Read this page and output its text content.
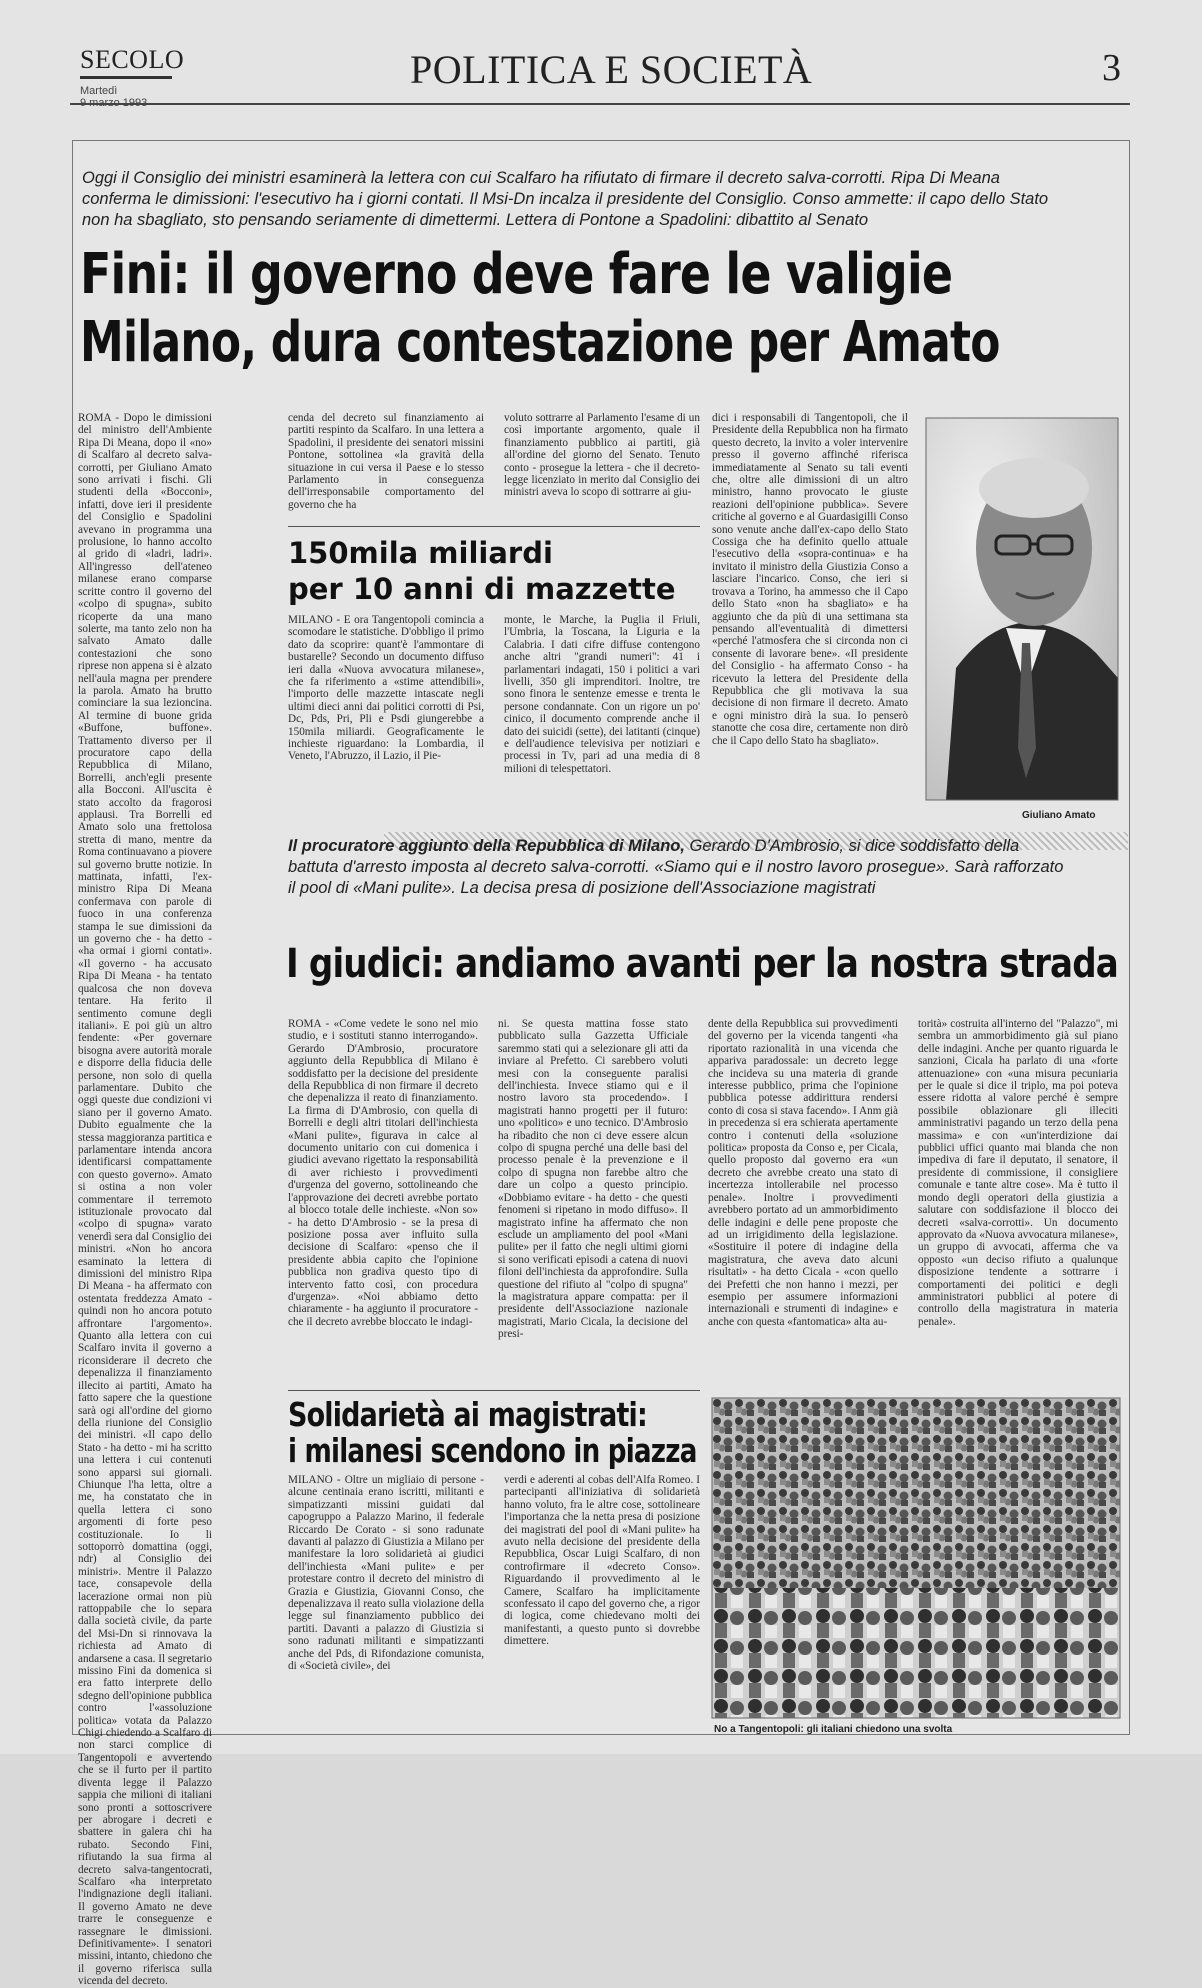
SECOLO
Martedì	POLITICA E SOCIETÀ	3
Oggi il Consiglio dei ministri esaminerà la lettera con cui Scalfaro ha rifiutato di firmare il decreto salva-corrotti. Ripa Di Meana conferma le dimissioni: l'esecutivo ha i giorni contati. Il Msi-Dn incalza il presidente del Consiglio. Conso ammette: il capo dello Stato non ha sbagliato, sto pensando seriamente di dimettermi. Lettera di Pontone a Spadolini: dibattito al Senato
Fini: il governo deve fare le valigie
Milano, dura contestazione per Amato
ROMA - Dopo le dimissioni del ministro dell'Ambiente Ripa Di Meana, dopo il «no» di Scalfaro al decreto salva-corrotti, per Giuliano Amato sono arrivati i fischi. Gli studenti della «Bocconi», infatti, dove ieri il presidente del Consiglio e Spadolini avevano in programma una prolusione, lo hanno accolto al grido di «ladri, ladri». All'ingresso dell'ateneo milanese erano comparse scritte contro il governo del «colpo di spugna», subito ricoperte da una mano solerte, ma tanto zelo non ha salvato Amato dalle contestazioni che sono riprese non appena si è alzato nell'aula magna per prendere la parola. Amato ha brutto cominciare la sua lezioncina. Al termine di buone grida «Buffone, buffone». Trattamento diverso per il procuratore capo della Repubblica di Milano, Borrelli, anch'egli presente alla Bocconi. All'uscita è stato accolto da fragorosi applausi. Tra Borrelli ed Amato solo una frettolosa stretta di mano, mentre da Roma continuavano a piovere sul governo brutte notizie. In mattinata, infatti, l'ex-ministro Ripa Di Meana confermava con parole di fuoco in una conferenza stampa le sue dimissioni da un governo che - ha detto - «ha ormai i giorni contati». «Il governo - ha accusato Ripa Di Meana - ha tentato qualcosa che non doveva tentare. Ha ferito il sentimento comune degli italiani». E poi giù un altro fendente: «Per governare bisogna avere autorità morale e disporre della fiducia delle persone, non solo di quella parlamentare. Dubito che oggi queste due condizioni vi siano per il governo Amato. Dubito egualmente che la stessa maggioranza partitica e parlamentare intenda ancora identificarsi compattamente con questo governo». Amato si ostina a non voler commentare il terremoto istituzionale provocato dal «colpo di spugna» varato venerdì sera dal Consiglio dei ministri. «Non ho ancora esaminato la lettera di dimissioni del ministro Ripa Di Meana - ha affermato con ostentata freddezza Amato - quindi non ho ancora potuto affrontare l'argomento». Quanto alla lettera con cui Scalfaro invita il governo a riconsiderare il decreto che depenalizza il finanziamento illecito ai partiti, Amato ha fatto sapere che la questione sarà ogi all'ordine del giorno della riunione del Consiglio dei ministri. «Il capo dello Stato - ha detto - mi ha scritto una lettera i cui contenuti sono apparsi sui giornali. Chiunque l'ha letta, oltre a me, ha constatato che in quella lettera ci sono argomenti di forte peso costituzionale. Io li sottoporrò domattina (oggi, ndr) al Consiglio dei ministri». Mentre il Palazzo tace, consapevole della lacerazione ormai non più rattoppabile che lo separa dalla società civile, da parte del Msi-Dn si rinnovava la richiesta ad Amato di andarsene a casa. Il segretario missino Fini da domenica si era fatto interprete dello sdegno dell'opinione pubblica contro l'«assoluzione politica» votata da Palazzo Chigi chiedendo a Scalfaro di non starci complice di Tangentopoli e avvertendo che se il furto per il partito diventa legge il Palazzo sappia che milioni di italiani sono pronti a sottoscrivere per abrogare i decreti e sbattere in galera chi ha rubato. Secondo Fini, rifiutando la sua firma al decreto salva-tangentocrati, Scalfaro «ha interpretato l'indignazione degli italiani. Il governo Amato ne deve trarre le conseguenze e rassegnare le dimissioni. Definitivamente». I senatori missini, intanto, chiedono che il governo riferisca sulla vicenda del decreto.
cenda del decreto sul finanziamento ai partiti respinto da Scalfaro. In una lettera a Spadolini, il presidente dei senatori missini Pontone, sottolinea «la gravità della situazione in cui versa il Paese e lo stesso Parlamento in conseguenza dell'irresponsabile comportamento del governo che ha
voluto sottrarre al Parlamento l'esame di un così importante argomento, quale il finanziamento pubblico ai partiti, già all'ordine del giorno del Senato. Tenuto conto - prosegue la lettera - che il decreto-legge licenziato in merito dal Consiglio dei ministri aveva lo scopo di sottrarre ai giu-
150mila miliardi
per 10 anni di mazzette
MILANO - E ora Tangentopoli comincia a scomodare le statistiche. D'obbligo il primo dato da scoprire: quant'è l'ammontare di bustarelle? Secondo un documento diffuso ieri dalla «Nuova avvocatura milanese», che fa riferimento a «stime attendibili», l'importo delle mazzette intascate negli ultimi dieci anni dai politici corrotti di Psi, Dc, Pds, Pri, Pli e Psdi giungerebbe a 150mila miliardi. Geograficamente le inchieste riguardano: la Lombardia, il Veneto, l'Abruzzo, il Lazio, il Pie-
monte, le Marche, la Puglia il Friuli, l'Umbria, la Toscana, la Liguria e la Calabria. I dati cifre diffuse contengono anche altri "grandi numeri": 41 i parlamentari indagati, 150 i politici a vari livelli, 350 gli imprenditori. Inoltre, tre sono finora le sentenze emesse e trenta le persone condannate. Con un rigore un po' cinico, il documento comprende anche il dato dei suicidi (sette), dei latitanti (cinque) e dell'audience televisiva per notiziari e processi in Tv, pari ad una media di 8 milioni di telespettatori.
dici i responsabili di Tangentopoli, che il Presidente della Repubblica non ha firmato questo decreto, la invito a voler intervenire presso il governo affinché riferisca immediatamente al Senato su tali eventi che, oltre alle dimissioni di un altro ministro, hanno provocato le giuste reazioni dell'opinione pubblica». Severe critiche al governo e al Guardasigilli Conso sono venute anche dall'ex-capo dello Stato Cossiga che ha definito quello attuale l'esecutivo della «sopra-continua» e ha invitato il ministro della Giustizia Conso a lasciare l'incarico. Conso, che ieri si trovava a Torino, ha ammesso che il Capo dello Stato «non ha sbagliato» e ha aggiunto che da più di una settimana sta pensando all'eventualità di dimettersi «perché l'atmosfera che si circonda non ci consente di lavorare bene». «Il presidente del Consiglio - ha affermato Conso - ha ricevuto la lettera del Presidente della Repubblica che gli motivava la sua decisione di non firmare il decreto. Amato e ogni ministro dirà la sua. Io penserò stanotte che cosa dire, certamente non dirò che il Capo dello Stato ha sbagliato».
Giuliano Amato
Il procuratore aggiunto della Repubblica di Milano, Gerardo D'Ambrosio, si dice soddisfatto della battuta d'arresto imposta al decreto salva-corrotti. «Siamo qui e il nostro lavoro prosegue». Sarà rafforzato il pool di «Mani pulite». La decisa presa di posizione dell'Associazione magistrati
I giudici: andiamo avanti per la nostra strada
ROMA - «Come vedete le sono nel mio studio, e i sostituti stanno interrogando». Gerardo D'Ambrosio, procuratore aggiunto della Repubblica di Milano è soddisfatto per la decisione del presidente della Repubblica di non firmare il decreto che depenalizza il reato di finanziamento. La firma di D'Ambrosio, con quella di Borrelli e degli altri titolari dell'inchiesta «Mani pulite», figurava in calce al documento unitario con cui domenica i giudici avevano rigettato la responsabilità di aver richiesto i provvedimenti d'urgenza del governo, sottolineando che l'approvazione dei decreti avrebbe portato al blocco totale delle inchieste. «Non so» - ha detto D'Ambrosio - se la presa di posizione possa aver influito sulla decisione di Scalfaro: «penso che il presidente abbia capito che l'opinione pubblica non gradiva questo tipo di intervento fatto così, con procedura d'urgenza». «Noi abbiamo detto chiaramente - ha aggiunto il procuratore - che il decreto avrebbe bloccato le indagi-
ni. Se questa mattina fosse stato pubblicato sulla Gazzetta Ufficiale saremmo stati qui a selezionare gli atti da inviare al Prefetto. Ci sarebbero voluti mesi con la conseguente paralisi dell'inchiesta. Invece stiamo qui e il nostro lavoro sta procedendo». I magistrati hanno progetti per il futuro: uno «politico» e uno tecnico. D'Ambrosio ha ribadito che non ci deve essere alcun colpo di spugna perché una delle basi del processo penale è la prevenzione e il colpo di spugna non farebbe altro che dare un colpo a questo principio. «Dobbiamo evitare - ha detto - che questi fenomeni si ripetano in modo diffuso». Il magistrato infine ha affermato che non esclude un ampliamento del pool «Mani pulite» per il fatto che negli ultimi giorni si sono verificati episodi a catena di nuovi filoni dell'inchiesta da approfondire. Sulla questione del rifiuto al "colpo di spugna" la magistratura appare compatta: per il presidente dell'Associazione nazionale magistrati, Mario Cicala, la decisione del presi-
dente della Repubblica sui provvedimenti del governo per la vicenda tangenti «ha riportato razionalità in una vicenda che appariva paradossale: un decreto legge che incideva su una materia di grande interesse pubblico, prima che l'opinione pubblica potesse addirittura rendersi conto di cosa si stava facendo». I Anm già in precedenza si era schierata apertamente contro i contenuti della «soluzione politica» proposta da Conso e, per Cicala, quello proposto dal governo era «un decreto che avrebbe creato una stato di incertezza intollerabile nel processo penale». Inoltre i provvedimenti avrebbero portato ad un ammorbidimento delle indagini e delle pene proposte che ad un irrigidimento della legislazione. «Sostituire il potere di indagine della magistratura, che aveva dato alcuni risultati» - ha detto Cicala - «con quello dei Prefetti che non hanno i mezzi, per esempio per assumere informazioni internazionali e strumenti di indagine» e anche con questa «fantomatica» alta au-
torità» costruita all'interno del "Palazzo", mi sembra un ammorbidimento già sul piano delle indagini. Anche per quanto riguarda le sanzioni, Cicala ha parlato di una «forte attenuazione» con «una misura pecuniaria per le quale si dice il triplo, ma poi poteva essere ridotta al valore perché è sempre possibile oblazionare gli illeciti amministrativi pagando un terzo della pena massima» e con «un'interdizione dai pubblici uffici quanto mai blanda che non impediva di fare il deputato, il senatore, il presidente di commissione, il consigliere comunale e tante altre cose». Ma è tutto il mondo degli operatori della giustizia a salutare con soddisfazione il blocco dei decreti «salva-corrotti». Un documento approvato da «Nuova avvocatura milanese», un gruppo di avvocati, afferma che va opposto «un deciso rifiuto a qualunque disposizione tendente a sottrarre i comportamenti dei politici e degli amministratori pubblici al potere di controllo della magistratura in materia penale».
Solidarietà ai magistrati:
i milanesi scendono in piazza
MILANO - Oltre un migliaio di persone - alcune centinaia erano iscritti, militanti e simpatizzanti missini guidati dal capogruppo a Palazzo Marino, il federale Riccardo De Corato - si sono radunate davanti al palazzo di Giustizia a Milano per manifestare la loro solidarietà ai giudici dell'inchiesta «Mani pulite» e per protestare contro il decreto del ministro di Grazia e Giustizia, Giovanni Conso, che depenalizzava il reato sulla violazione della legge sul finanziamento pubblico dei partiti. Davanti a palazzo di Giustizia si sono radunati militanti e simpatizzanti anche del Pds, di Rifondazione comunista, di «Società civile», dei
verdi e aderenti al cobas dell'Alfa Romeo. I partecipanti all'iniziativa di solidarietà hanno voluto, fra le altre cose, sottolineare l'importanza che la netta presa di posizione dei magistrati del pool di «Mani pulite» ha avuto nella decisione del presidente della Repubblica, Oscar Luigi Scalfaro, di non controfirmare il «decreto Conso». Riguardando il provvedimento al le Camere, Scalfaro ha implicitamente sconfessato il capo del governo che, a rigor di logica, come chiedevano molti dei manifestanti, a questo punto si dovrebbe dimettere.
No a Tangentopoli: gli italiani chiedono una svolta
